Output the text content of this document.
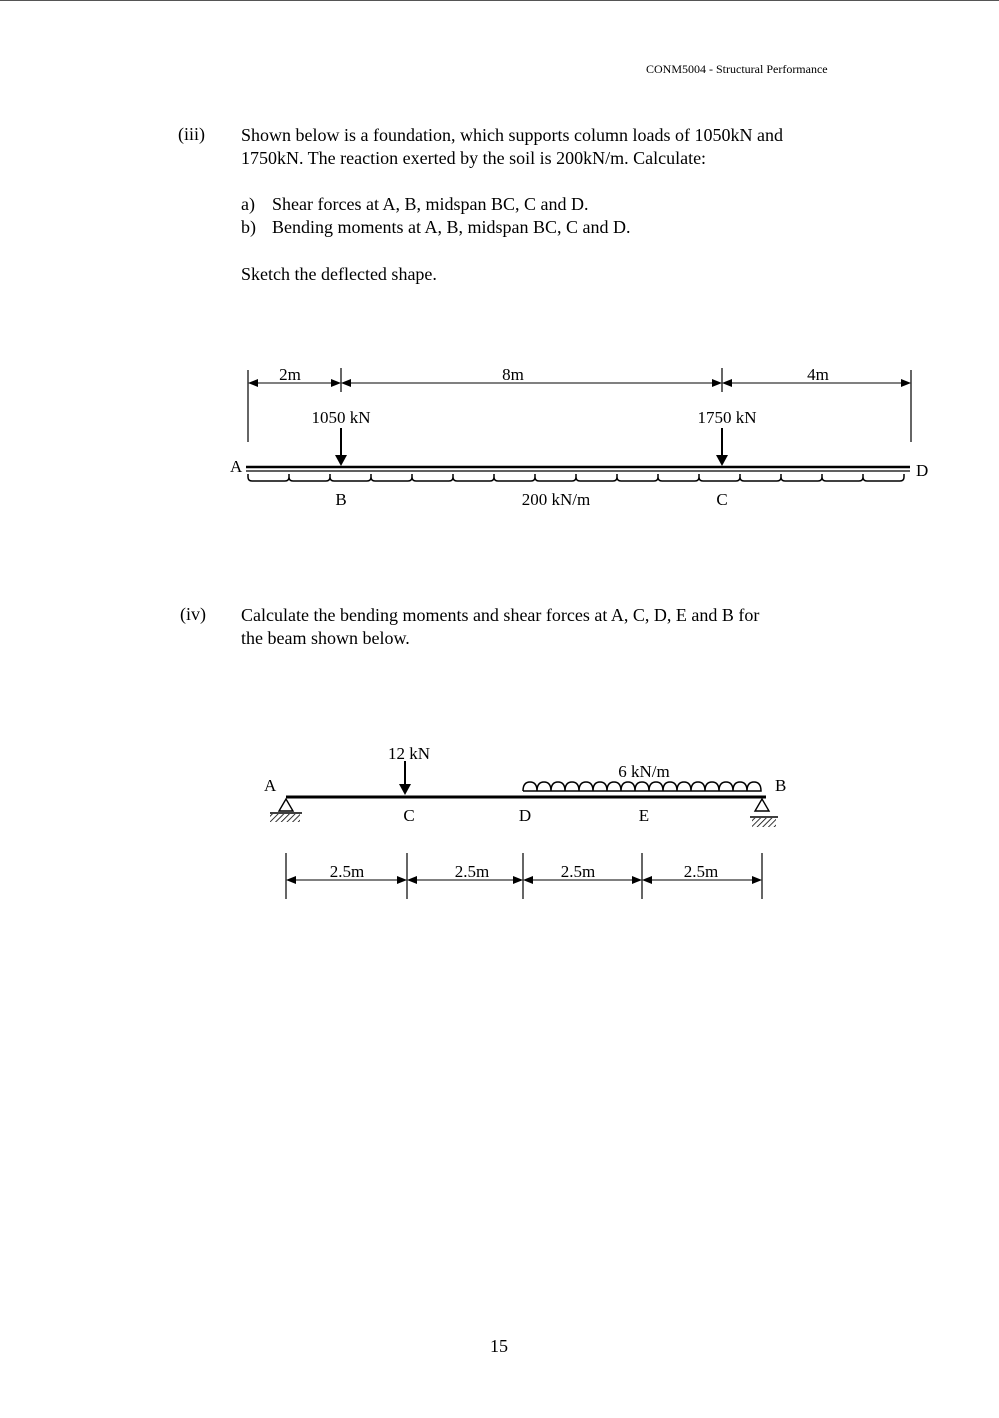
CONM5004 - Structural Performance
(iii) Shown below is a foundation, which supports column loads of 1050kN and
1750kN. The reaction exerted by the soil is 200kN/m. Calculate:
a) Shear forces at A, B, midspan BC, C and D.
b) Bending moments at A, B, midspan BC, C and D.
Sketch the deflected shape.
2m	8m	4m
1050 kN	1750 kN
A	D
B	200 kN/m	C
(iv) Calculate the bending moments and shear forces at A, C, D, E and B for
the beam shown below.
12 kN
6 kN/m
A	B
C	D	E
2.5m	2.5m	2.5m	2.5m
15
